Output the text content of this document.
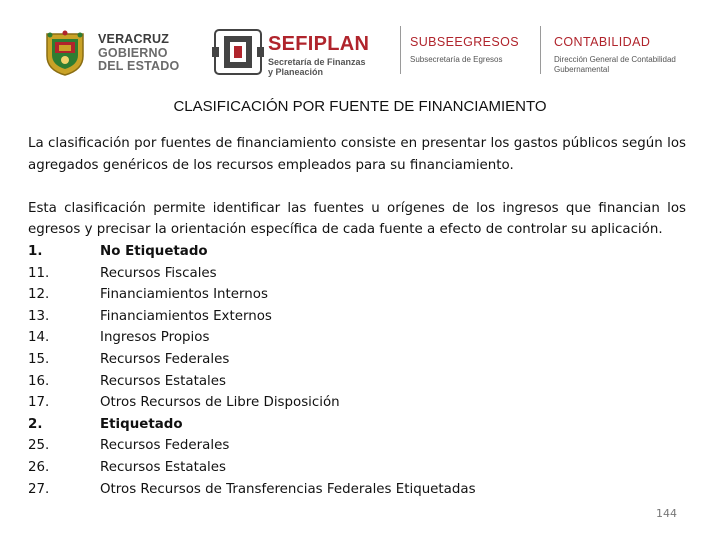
VERACRUZ
GOBIERNO
DEL ESTADO
SEFIPLAN
Secretaría de Finanzas
y Planeación
SUBSEEGRESOS
Subsecretaría de Egresos
CONTABILIDAD
Dirección General de Contabilidad
Gubernamental
CLASIFICACIÓN POR FUENTE DE FINANCIAMIENTO

La clasificación por fuentes de financiamiento consiste en presentar los gastos públicos según los agregados genéricos de los recursos empleados para su financiamiento.

Esta clasificación permite identificar las fuentes u orígenes de los ingresos que financian los egresos y precisar la orientación específica de cada fuente a efecto de controlar su aplicación.

1.	No Etiquetado
11.	Recursos Fiscales
12.	Financiamientos Internos
13.	Financiamientos Externos
14.	Ingresos Propios
15.	Recursos Federales
16.	Recursos Estatales
17.	Otros Recursos de Libre Disposición
2.	Etiquetado
25.	Recursos Federales
26.	Recursos Estatales
27.	Otros Recursos de Transferencias Federales Etiquetadas
144
